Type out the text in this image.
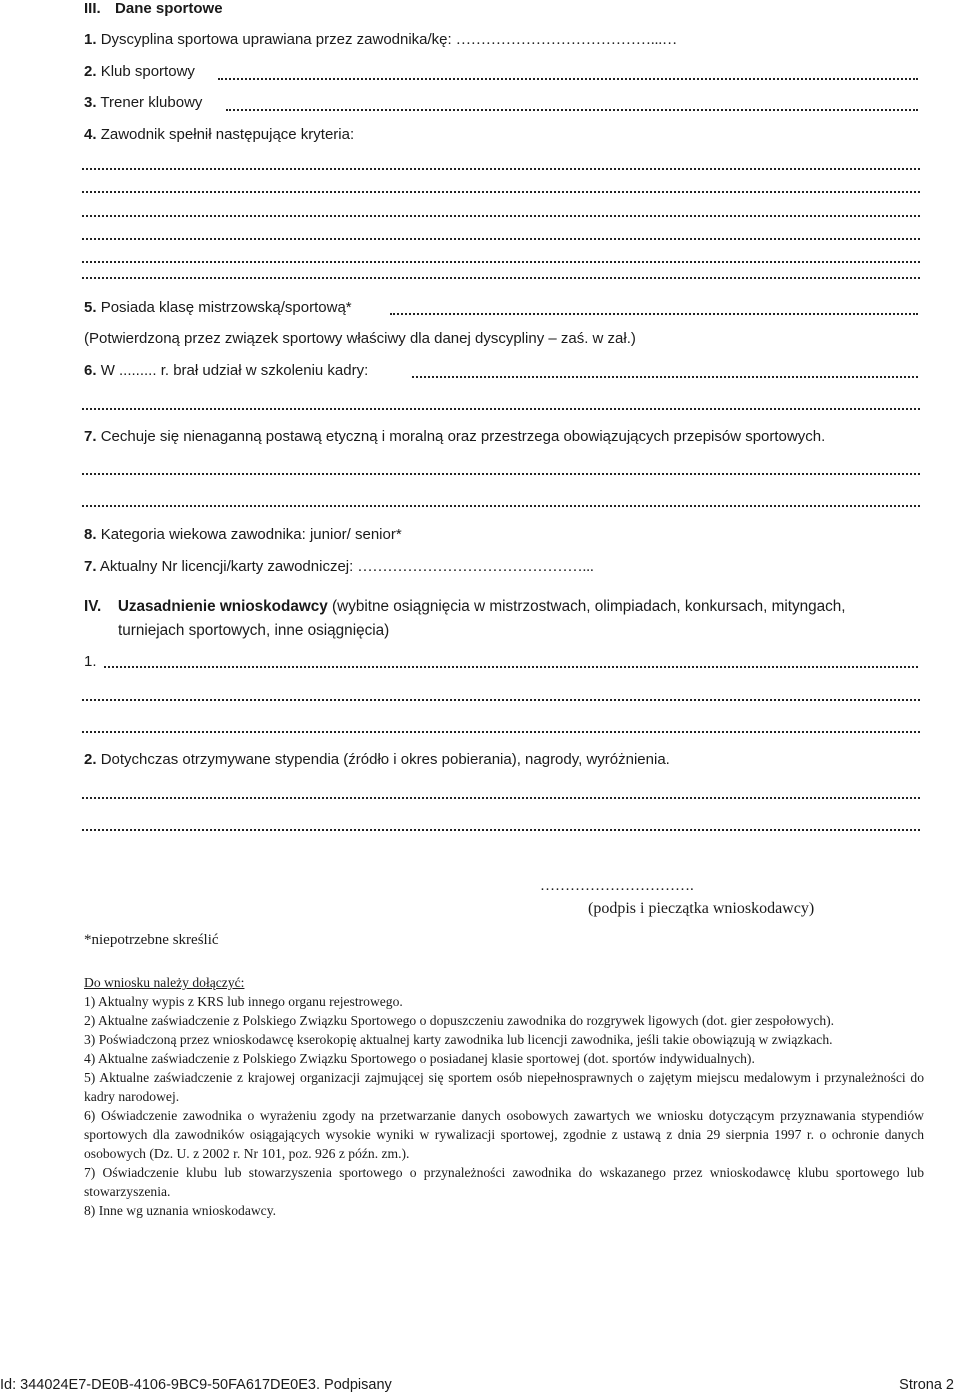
III. Dane sportowe
1. Dyscyplina sportowa uprawiana przez zawodnika/kę: …………………………………...…
2. Klub sportowy
3. Trener klubowy
4. Zawodnik spełnił następujące kryteria:
5. Posiada klasę mistrzowską/sportową*
(Potwierdzoną przez związek sportowy właściwy dla danej dyscypliny – zaś. w zał.)
6. W ......... r. brał udział w szkoleniu kadry:
7. Cechuje się nienaganną postawą etyczną i moralną oraz przestrzega obowiązujących przepisów sportowych.
8. Kategoria wiekowa zawodnika: junior/ senior*
7. Aktualny Nr licencji/karty zawodniczej: ………………………………………...
IV. Uzasadnienie wnioskodawcy (wybitne osiągnięcia w mistrzostwach, olimpiadach, konkursach, mityngach,
turniejach sportowych, inne osiągnięcia)
1.
2. Dotychczas otrzymywane stypendia (źródło i okres pobierania), nagrody, wyróżnienia.
………………………….
(podpis i pieczątka wnioskodawcy)
*niepotrzebne skreślić
Do wniosku należy dołączyć:
1) Aktualny wypis z KRS lub innego organu rejestrowego.
2) Aktualne zaświadczenie z Polskiego Związku Sportowego o dopuszczeniu zawodnika do rozgrywek ligowych (dot. gier zespołowych).
3) Poświadczoną przez wnioskodawcę kserokopię aktualnej karty zawodnika lub licencji zawodnika, jeśli takie obowiązują w związkach.
4) Aktualne zaświadczenie z Polskiego Związku Sportowego o posiadanej klasie sportowej (dot. sportów indywidualnych).
5) Aktualne zaświadczenie z krajowej organizacji zajmującej się sportem osób niepełnosprawnych o zajętym miejscu medalowym i przynależności do kadry narodowej.
6) Oświadczenie zawodnika o wyrażeniu zgody na przetwarzanie danych osobowych zawartych we wniosku dotyczącym przyznawania stypendiów sportowych dla zawodników osiągających wysokie wyniki w rywalizacji sportowej, zgodnie z ustawą z dnia 29 sierpnia 1997 r. o ochronie danych osobowych (Dz. U. z 2002 r. Nr 101, poz. 926 z późn. zm.).
7) Oświadczenie klubu lub stowarzyszenia sportowego o przynależności zawodnika do wskazanego przez wnioskodawcę klubu sportowego lub stowarzyszenia.
8) Inne wg uznania wnioskodawcy.
Id: 344024E7-DE0B-4106-9BC9-50FA617DE0E3. Podpisany	Strona 2
